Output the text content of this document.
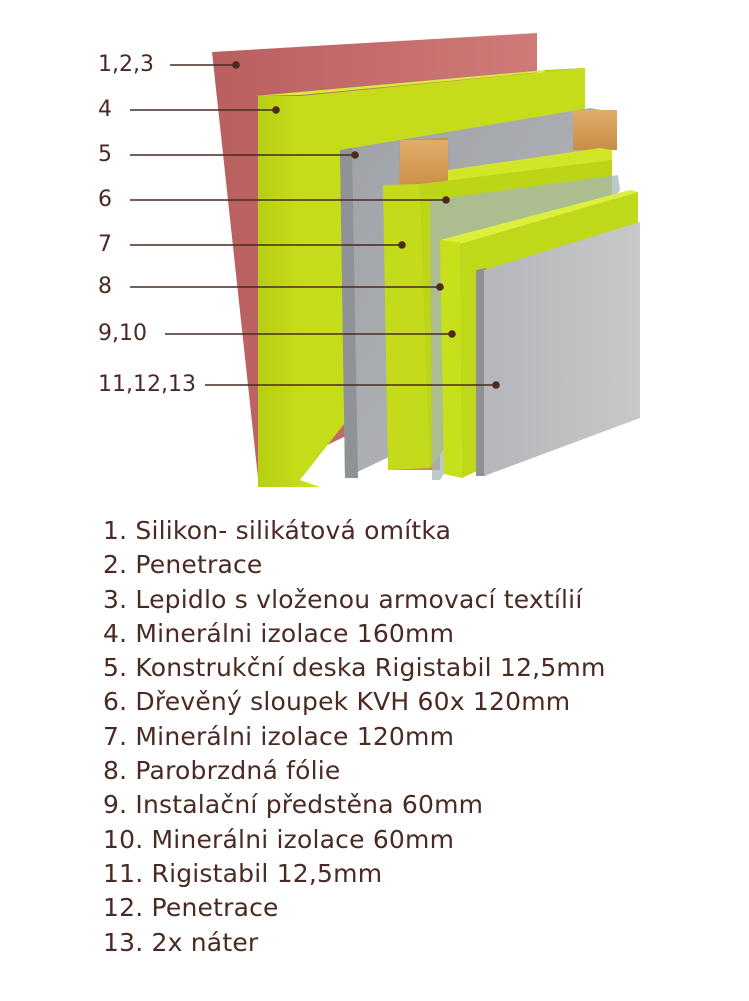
1,2,3
4
5
6
7
8
9,10
11,12,13
1. Silikon- silikátová omítka
2. Penetrace
3. Lepidlo s vloženou armovací textílií
4. Minerálni izolace 160mm
5. Konstrukční deska Rigistabil 12,5mm
6. Dřevěný sloupek KVH 60x 120mm
7. Minerálni izolace 120mm
8. Parobrzdná fólie
9. Instalační předstěna 60mm
10. Minerálni izolace 60mm
11. Rigistabil 12,5mm
12. Penetrace
13. 2x náter
